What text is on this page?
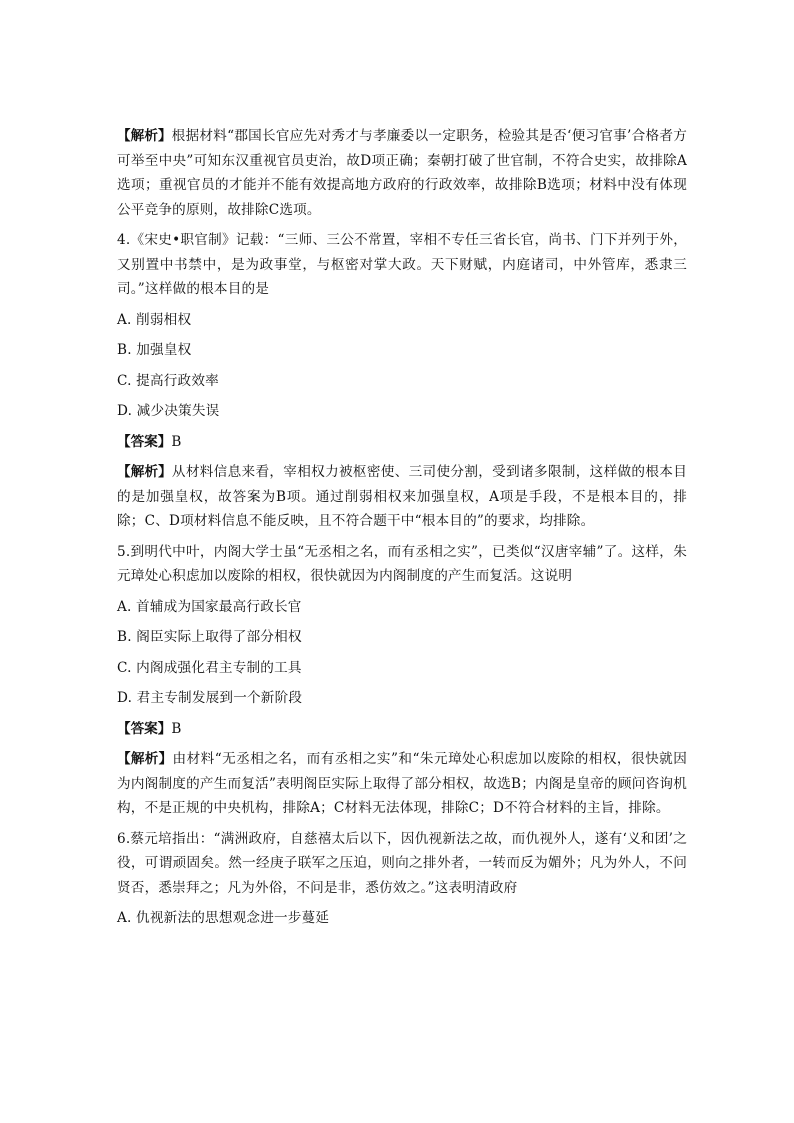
【解析】根据材料“郡国长官应先对秀才与孝廉委以一定职务，检验其是否‘便习官事’合格者方可举至中央”可知东汉重视官员吏治，故D项正确；秦朝打破了世官制，不符合史实，故排除A选项；重视官员的才能并不能有效提高地方政府的行政效率，故排除B选项；材料中没有体现公平竞争的原则，故排除C选项。

4.《宋史•职官制》记载：“三师、三公不常置，宰相不专任三省长官，尚书、门下并列于外，又别置中书禁中，是为政事堂，与枢密对掌大政。天下财赋，内庭诸司，中外管库，悉隶三司。”这样做的根本目的是

A. 削弱相权

B. 加强皇权

C. 提高行政效率

D. 减少决策失误

【答案】B

【解析】从材料信息来看，宰相权力被枢密使、三司使分割，受到诸多限制，这样做的根本目的是加强皇权，故答案为B项。通过削弱相权来加强皇权，A项是手段，不是根本目的，排除；C、D项材料信息不能反映，且不符合题干中“根本目的”的要求，均排除。

5.到明代中叶，内阁大学士虽“无丞相之名，而有丞相之实”，已类似“汉唐宰辅”了。这样，朱元璋处心积虑加以废除的相权，很快就因为内阁制度的产生而复活。这说明

A. 首辅成为国家最高行政长官

B. 阁臣实际上取得了部分相权

C. 内阁成强化君主专制的工具

D. 君主专制发展到一个新阶段

【答案】B

【解析】由材料“无丞相之名，而有丞相之实”和“朱元璋处心积虑加以废除的相权，很快就因为内阁制度的产生而复活”表明阁臣实际上取得了部分相权，故选B；内阁是皇帝的顾问咨询机构，不是正规的中央机构，排除A；C材料无法体现，排除C；D不符合材料的主旨，排除。

6.蔡元培指出：“满洲政府，自慈禧太后以下，因仇视新法之故，而仇视外人，遂有‘义和团’之役，可谓顽固矣。然一经庚子联军之压迫，则向之排外者，一转而反为媚外；凡为外人，不问贤否，悉崇拜之；凡为外俗，不问是非，悉仿效之。”这表明清政府

A. 仇视新法的思想观念进一步蔓延
